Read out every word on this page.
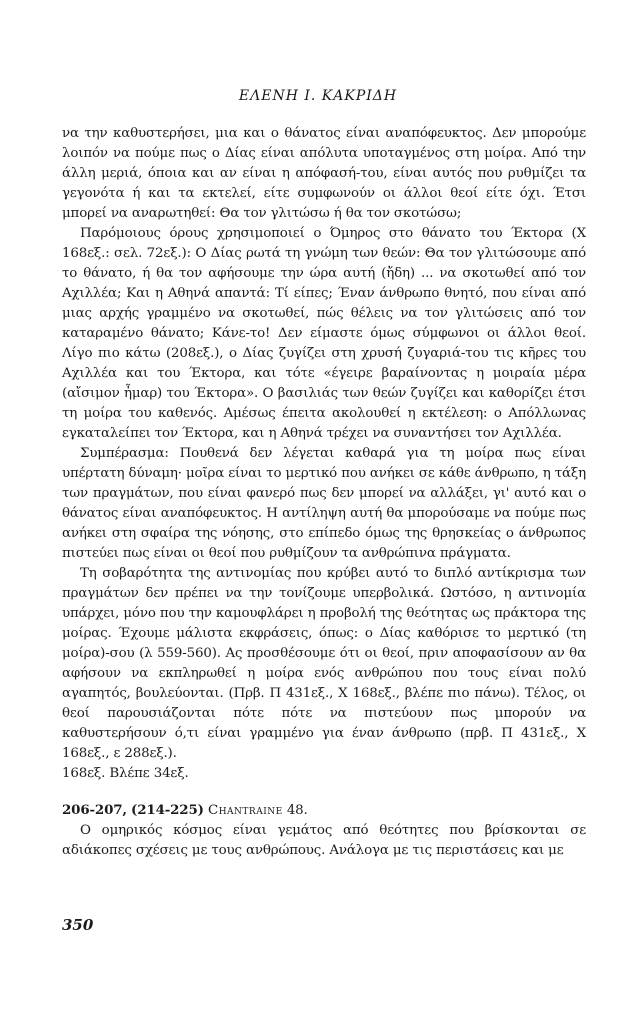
ΕΛΕΝΗ Ι. ΚΑΚΡΙΔΗ

να την καθυστερήσει, μια και ο θάνατος είναι αναπόφευκτος. Δεν μπορούμε λοιπόν να πούμε πως ο Δίας είναι απόλυτα υποταγμένος στη μοίρα. Από την άλλη μεριά, όποια και αν είναι η απόφασή-του, είναι αυτός που ρυθμίζει τα γεγονότα ή και τα εκτελεί, είτε συμφωνούν οι άλλοι θεοί είτε όχι. Έτσι μπορεί να αναρωτηθεί: Θα τον γλιτώσω ή θα τον σκοτώσω;

Παρόμοιους όρους χρησιμοποιεί ο Όμηρος στο θάνατο του Έκτορα (Χ 168εξ.: σελ. 72εξ.): Ο Δίας ρωτά τη γνώμη των θεών: Θα τον γλιτώσουμε από το θάνατο, ή θα τον αφήσουμε την ώρα αυτή (ἤδη) ... να σκοτωθεί από τον Αχιλλέα; Και η Αθηνά απαντά: Τί είπες; Έναν άνθρωπο θνητό, που είναι από μιας αρχής γραμμένο να σκοτωθεί, πώς θέλεις να τον γλιτώσεις από τον καταραμένο θάνατο; Κάνε-το! Δεν είμαστε όμως σύμφωνοι οι άλλοι θεοί. Λίγο πιο κάτω (208εξ.), ο Δίας ζυγίζει στη χρυσή ζυγαριά-του τις κῆρες του Αχιλλέα και του Έκτορα, και τότε «έγειρε βαραίνοντας η μοιραία μέρα (αἴσιμον ἦμαρ) του Έκτορα». Ο βασιλιάς των θεών ζυγίζει και καθορίζει έτσι τη μοίρα του καθενός. Αμέσως έπειτα ακολουθεί η εκτέλεση: ο Απόλλωνας εγκαταλείπει τον Έκτορα, και η Αθηνά τρέχει να συναντήσει τον Αχιλλέα.

Συμπέρασμα: Πουθενά δεν λέγεται καθαρά για τη μοίρα πως είναι υπέρτατη δύναμη· μοῖρα είναι το μερτικό που ανήκει σε κάθε άνθρωπο, η τάξη των πραγμάτων, που είναι φανερό πως δεν μπορεί να αλλάξει, γι' αυτό και ο θάνατος είναι αναπόφευκτος. Η αντίληψη αυτή θα μπορούσαμε να πούμε πως ανήκει στη σφαίρα της νόησης, στο επίπεδο όμως της θρησκείας ο άνθρωπος πιστεύει πως είναι οι θεοί που ρυθμίζουν τα ανθρώπινα πράγματα.

Τη σοβαρότητα της αντινομίας που κρύβει αυτό το διπλό αντίκρισμα των πραγμάτων δεν πρέπει να την τονίζουμε υπερβολικά. Ωστόσο, η αντινομία υπάρχει, μόνο που την καμουφλάρει η προβολή της θεότητας ως πράκτορα της μοίρας. Έχουμε μάλιστα εκφράσεις, όπως: ο Δίας καθόρισε το μερτικό (τη μοίρα)-σου (λ 559-560). Ας προσθέσουμε ότι οι θεοί, πριν αποφασίσουν αν θα αφήσουν να εκπληρωθεί η μοίρα ενός ανθρώπου που τους είναι πολύ αγαπητός, βουλεύονται. (Πρβ. Π 431εξ., Χ 168εξ., βλέπε πιο πάνω). Τέλος, οι θεοί παρουσιάζονται πότε πότε να πιστεύουν πως μπορούν να καθυστερήσουν ό,τι είναι γραμμένο για έναν άνθρωπο (πρβ. Π 431εξ., Χ 168εξ., ε 288εξ.).

168εξ. Βλέπε 34εξ.

206-207, (214-225) Chantraine 48.

Ο ομηρικός κόσμος είναι γεμάτος από θεότητες που βρίσκονται σε αδιάκοπες σχέσεις με τους ανθρώπους. Ανάλογα με τις περιστάσεις και με

350
